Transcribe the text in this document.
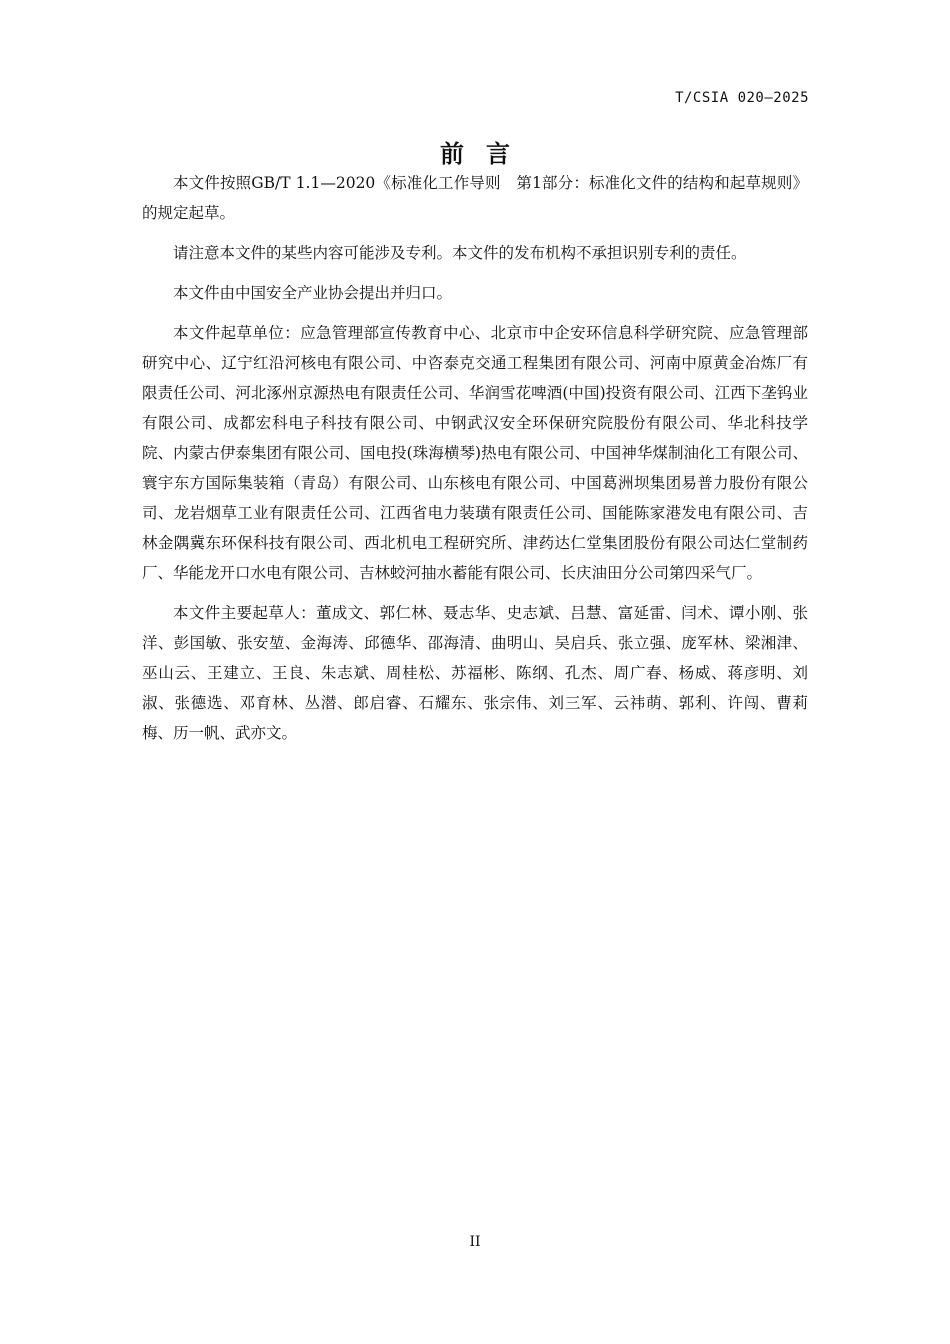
T/CSIA 020—2025
前言

本文件按照GB/T 1.1—2020《标准化工作导则　第1部分：标准化文件的结构和起草规则》的规定起草。

请注意本文件的某些内容可能涉及专利。本文件的发布机构不承担识别专利的责任。

本文件由中国安全产业协会提出并归口。

本文件起草单位：应急管理部宣传教育中心、北京市中企安环信息科学研究院、应急管理部研究中心、辽宁红沿河核电有限公司、中咨泰克交通工程集团有限公司、河南中原黄金冶炼厂有限责任公司、河北涿州京源热电有限责任公司、华润雪花啤酒(中国)投资有限公司、江西下垄钨业有限公司、成都宏科电子科技有限公司、中钢武汉安全环保研究院股份有限公司、华北科技学院、内蒙古伊泰集团有限公司、国电投(珠海横琴)热电有限公司、中国神华煤制油化工有限公司、寰宇东方国际集装箱（青岛）有限公司、山东核电有限公司、中国葛洲坝集团易普力股份有限公司、龙岩烟草工业有限责任公司、江西省电力装璜有限责任公司、国能陈家港发电有限公司、吉林金隅冀东环保科技有限公司、西北机电工程研究所、津药达仁堂集团股份有限公司达仁堂制药厂、华能龙开口水电有限公司、吉林蛟河抽水蓄能有限公司、长庆油田分公司第四采气厂。

本文件主要起草人：董成文、郭仁林、聂志华、史志斌、吕慧、富延雷、闫术、谭小刚、张洋、彭国敏、张安堃、金海涛、邱德华、邵海清、曲明山、吴启兵、张立强、庞军林、梁湘津、巫山云、王建立、王良、朱志斌、周桂松、苏福彬、陈纲、孔杰、周广春、杨威、蒋彦明、刘淑、张德选、邓育林、丛潜、郎启睿、石耀东、张宗伟、刘三军、云祎萌、郭利、许闯、曹莉梅、历一帆、武亦文。

II
